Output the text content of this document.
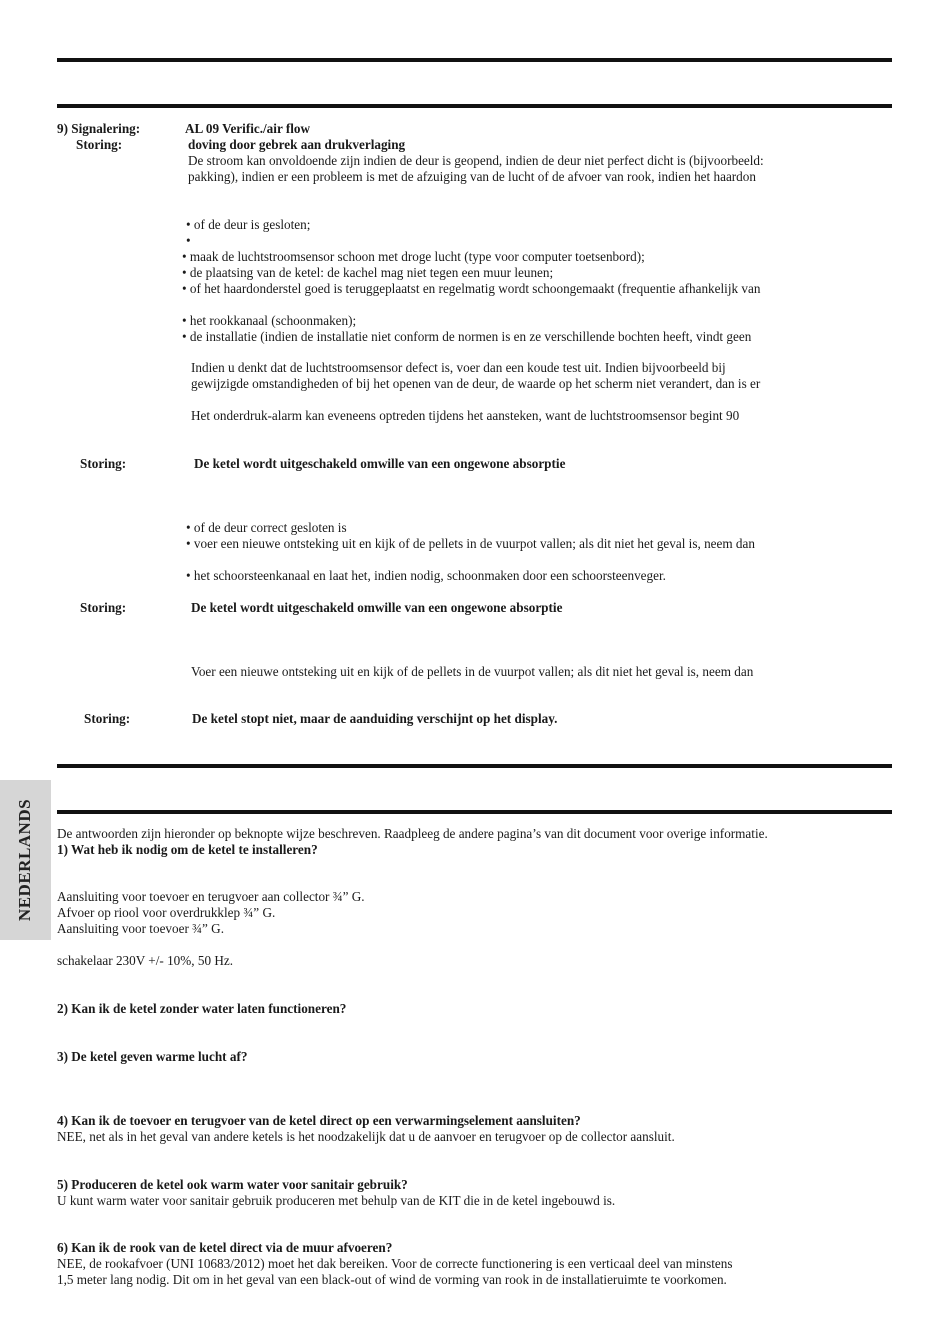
9) Signalering:	AL 09 Verific./air flow
Storing:	doving door gebrek aan drukverlaging
De stroom kan onvoldoende zijn indien de deur is geopend, indien de deur niet perfect dicht is (bijvoorbeeld:
pakking), indien er een probleem is met de afzuiging van de lucht of de afvoer van rook, indien het haardon
• of de deur is gesloten;
•
• maak de luchtstroomsensor schoon met droge lucht (type voor computer toetsenbord);
• de plaatsing van de ketel: de kachel mag niet tegen een muur leunen;
• of het haardonderstel goed is teruggeplaatst en regelmatig wordt schoongemaakt (frequentie afhankelijk van
• het rookkanaal (schoonmaken);
• de installatie (indien de installatie niet conform de normen is en ze verschillende bochten heeft, vindt geen
Indien u denkt dat de luchtstroomsensor defect is, voer dan een koude test uit. Indien bijvoorbeeld bij
gewijzigde omstandigheden of bij het openen van de deur, de waarde op het scherm niet verandert, dan is er
Het onderdruk-alarm kan eveneens optreden tijdens het aansteken, want de luchtstroomsensor begint 90
Storing:	De ketel wordt uitgeschakeld omwille van een ongewone absorptie
• of de deur correct gesloten is
• voer een nieuwe ontsteking uit en kijk of de pellets in de vuurpot vallen; als dit niet het geval is, neem dan
• het schoorsteenkanaal en laat het, indien nodig, schoonmaken door een schoorsteenveger.
Storing:	De ketel wordt uitgeschakeld omwille van een ongewone absorptie
Voer een nieuwe ontsteking uit en kijk of de pellets in de vuurpot vallen; als dit niet het geval is, neem dan
Storing:	De ketel stopt niet, maar de aanduiding verschijnt op het display.
NEDERLANDS De antwoorden zijn hieronder op beknopte wijze beschreven. Raadpleeg de andere pagina’s van dit document voor overige informatie.
1) Wat heb ik nodig om de ketel te installeren?
Aansluiting voor toevoer en terugvoer aan collector ¾” G.
Afvoer op riool voor overdrukklep ¾” G.
Aansluiting voor toevoer ¾” G.
schakelaar 230V +/- 10%, 50 Hz.
2) Kan ik de ketel zonder water laten functioneren?
3) De ketel geven warme lucht af?
4) Kan ik de toevoer en terugvoer van de ketel direct op een verwarmingselement aansluiten?
NEE, net als in het geval van andere ketels is het noodzakelijk dat u de aanvoer en terugvoer op de collector aansluit.
5) Produceren de ketel ook warm water voor sanitair gebruik?
U kunt warm water voor sanitair gebruik produceren met behulp van de KIT die in de ketel ingebouwd is.
6) Kan ik de rook van de ketel direct via de muur afvoeren?
NEE, de rookafvoer (UNI 10683/2012) moet het dak bereiken. Voor de correcte functionering is een verticaal deel van minstens
1,5 meter lang nodig. Dit om in het geval van een black-out of wind de vorming van rook in de installatieruimte te voorkomen.
